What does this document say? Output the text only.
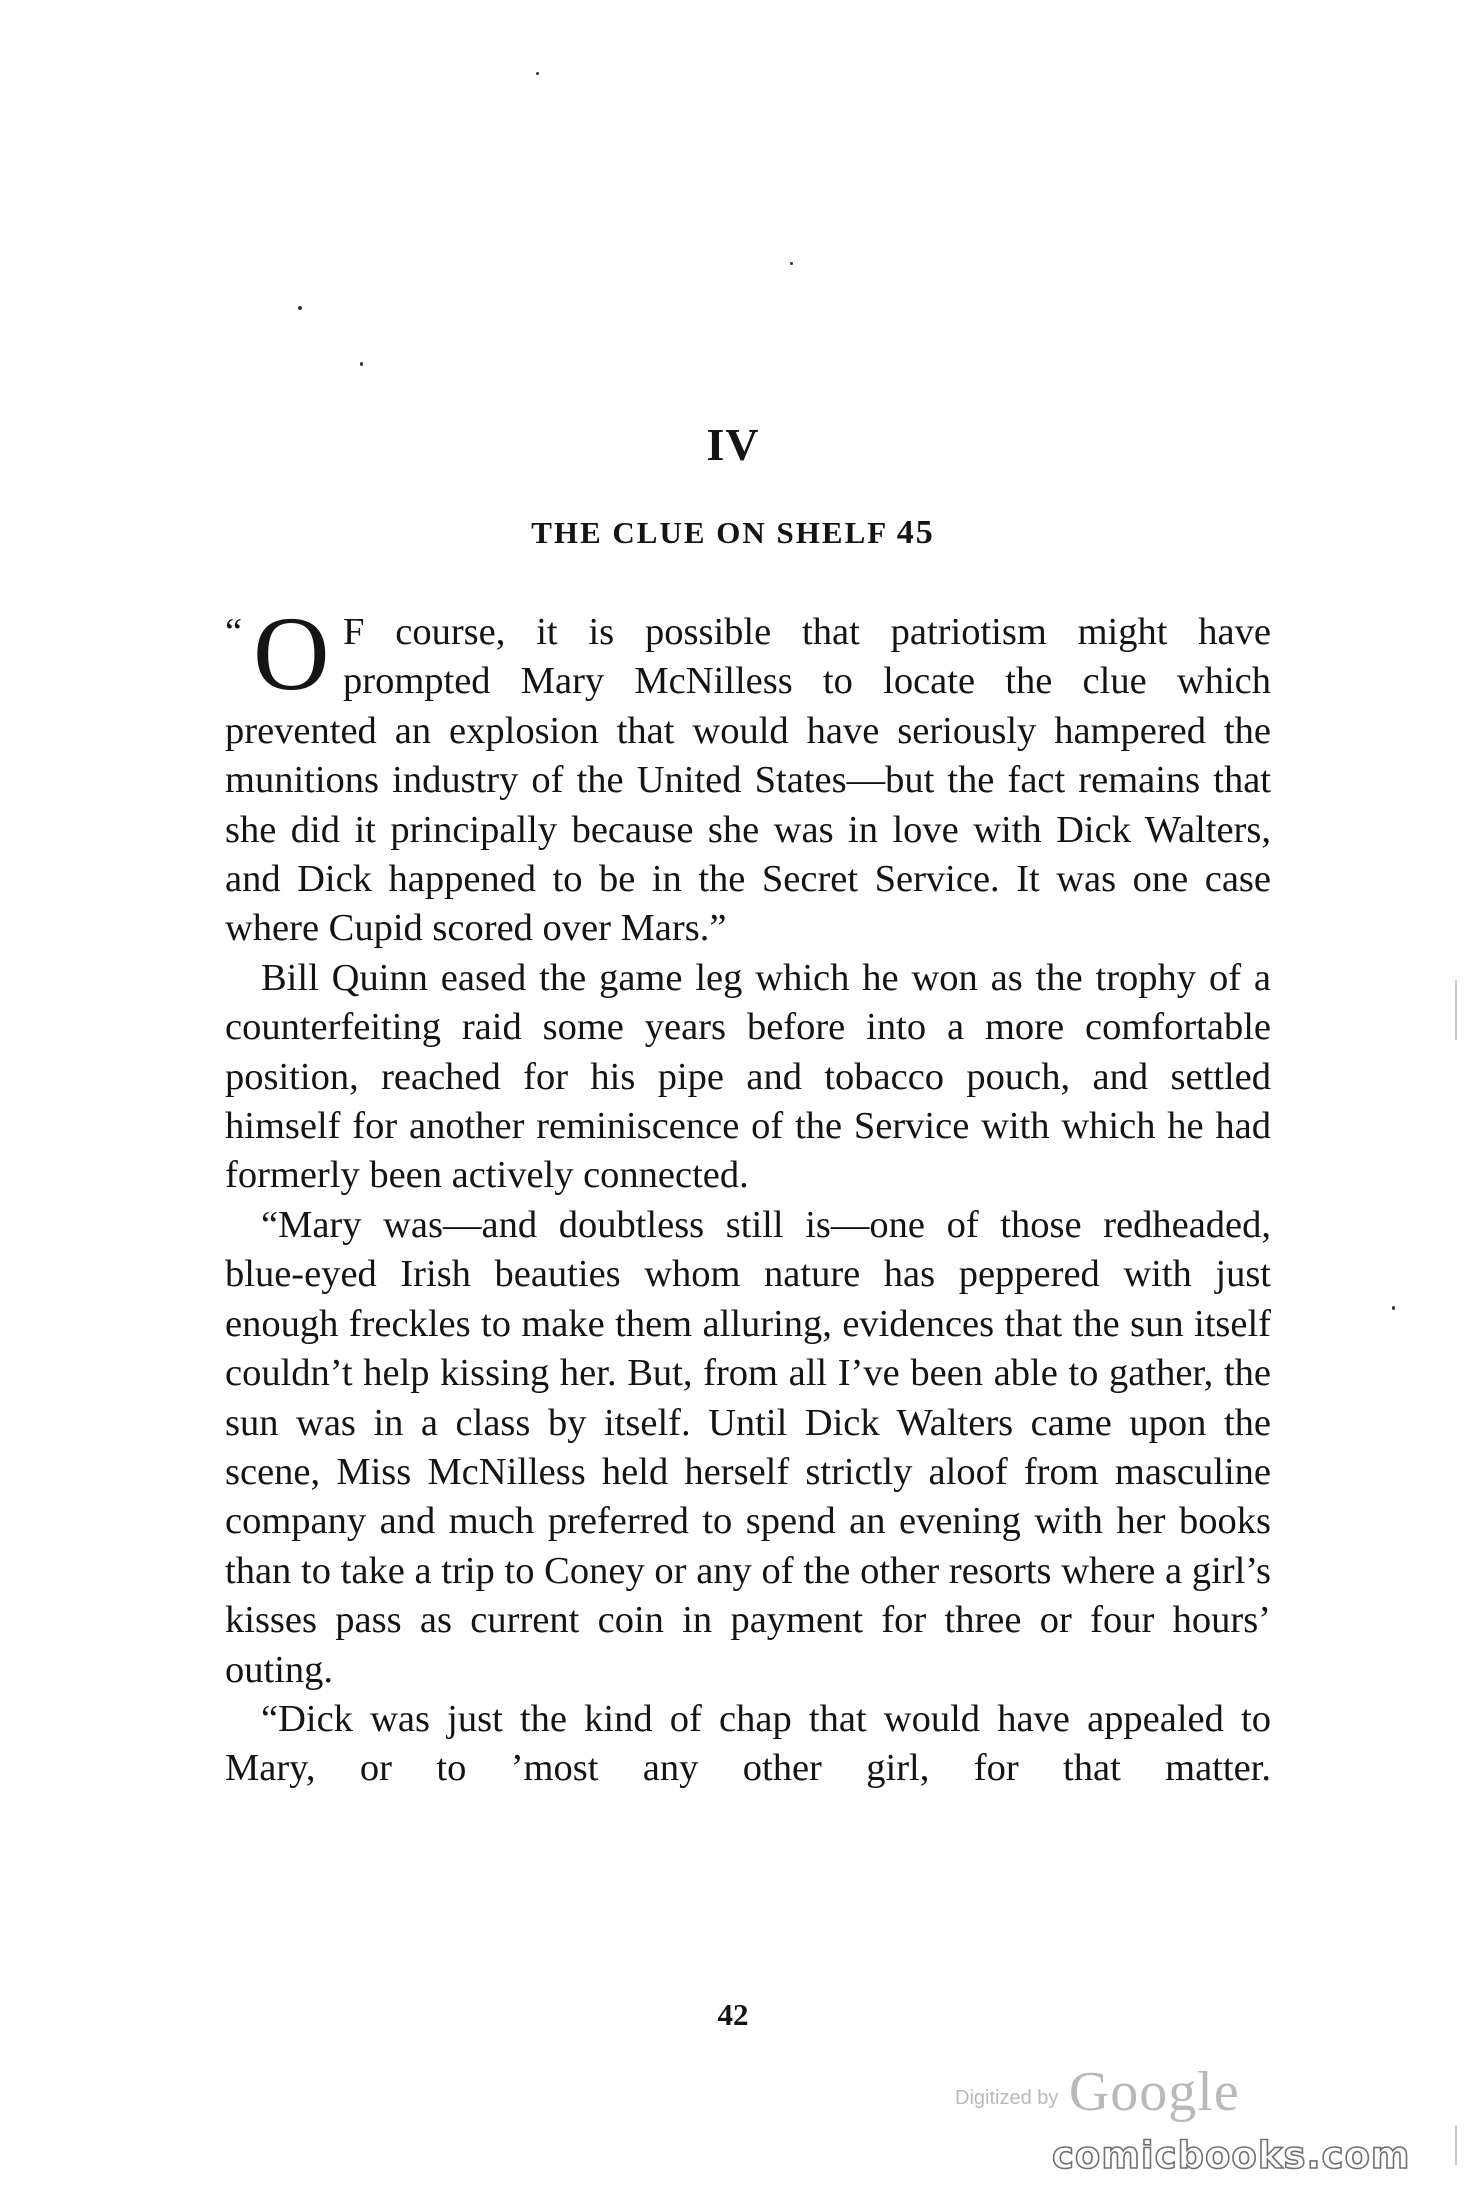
IV
THE CLUE ON SHELF 45

“ O F course, it is possible that patriotism might have

prompted Mary McNilless to locate the clue which

prevented an explosion that would have seriously hampered the munitions industry of the United States—but the fact remains that she did it principally because she was in love with Dick Walters, and Dick happened to be in the Secret Service. It was one case where Cupid scored over Mars.”

Bill Quinn eased the game leg which he won as the trophy of a counterfeiting raid some years before into a more comfortable position, reached for his pipe and tobacco pouch, and settled himself for another reminiscence of the Service with which he had formerly been actively connected.

“Mary was—and doubtless still is—one of those redheaded, blue-eyed Irish beauties whom nature has peppered with just enough freckles to make them alluring, evidences that the sun itself couldn’t help kissing her. But, from all I’ve been able to gather, the sun was in a class by itself. Until Dick Walters came upon the scene, Miss McNilless held herself strictly aloof from masculine company and much preferred to spend an evening with her books than to take a trip to Coney or any of the other resorts where a girl’s kisses pass as current coin in payment for three or four hours’ outing.

“Dick was just the kind of chap that would have appealed to Mary, or to ’most any other girl, for that matter.

42
Digitized by Google
comicbooks.com
